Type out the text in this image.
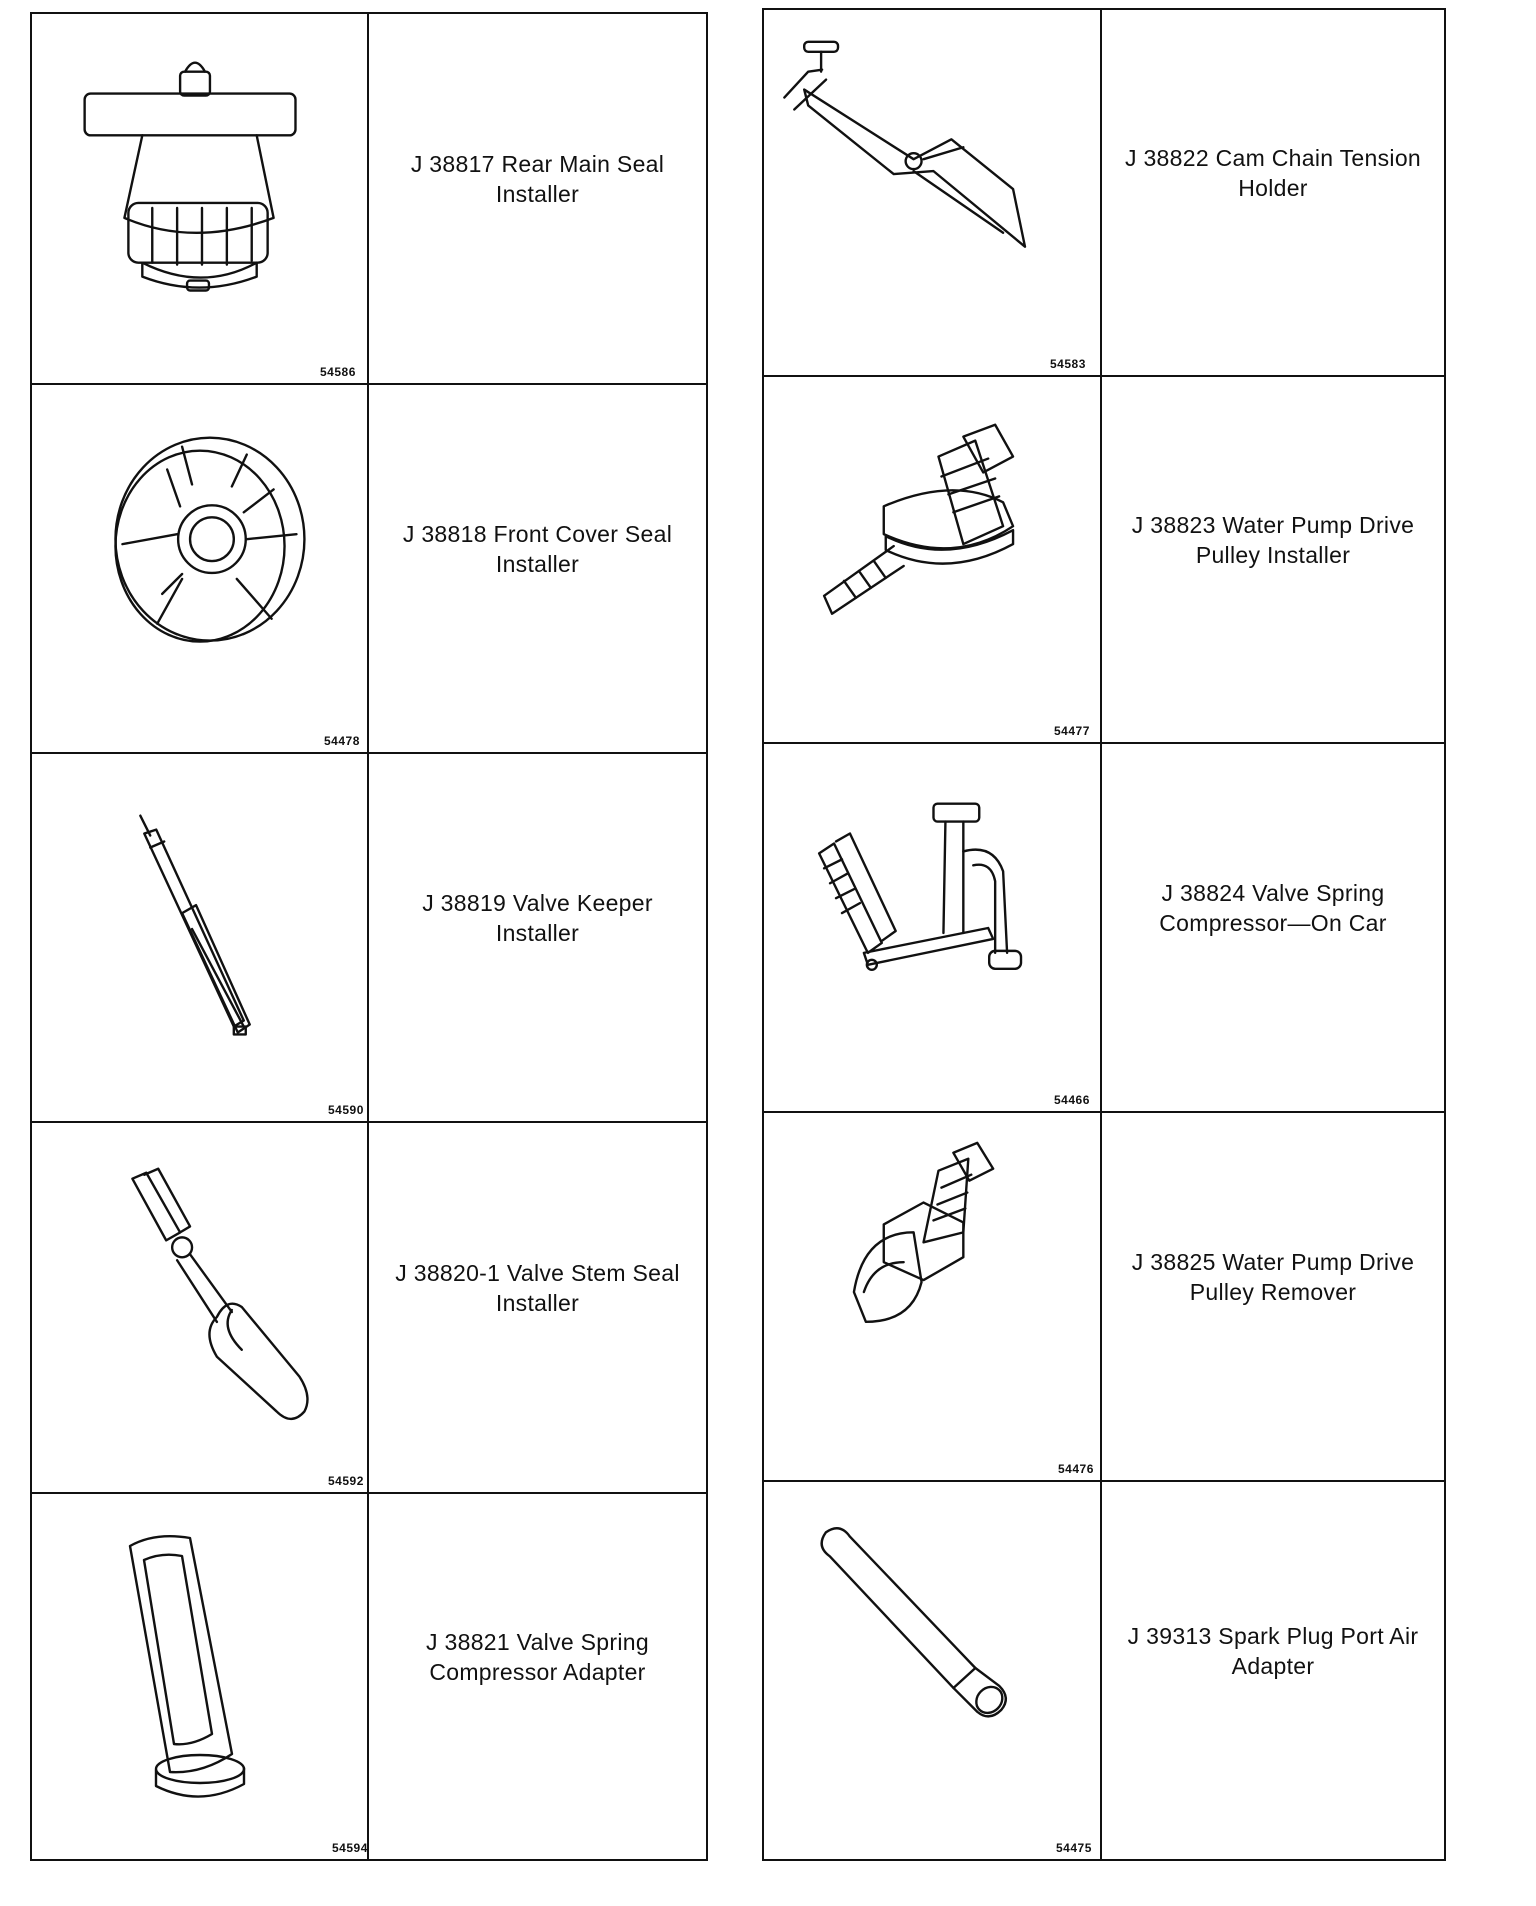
J 38817 Rear Main Seal
Installer
54586
J 38818 Front Cover Seal
Installer
54478
J 38819 Valve Keeper
Installer
54590
J 38820-1 Valve Stem Seal
Installer
54592
J 38821 Valve Spring
Compressor Adapter
54594
J 38822 Cam Chain Tension
Holder
54583
J 38823 Water Pump Drive
Pulley Installer
54477
J 38824 Valve Spring
Compressor—On Car
54466
J 38825 Water Pump Drive
Pulley Remover
54476
J 39313 Spark Plug Port Air
Adapter
54475
